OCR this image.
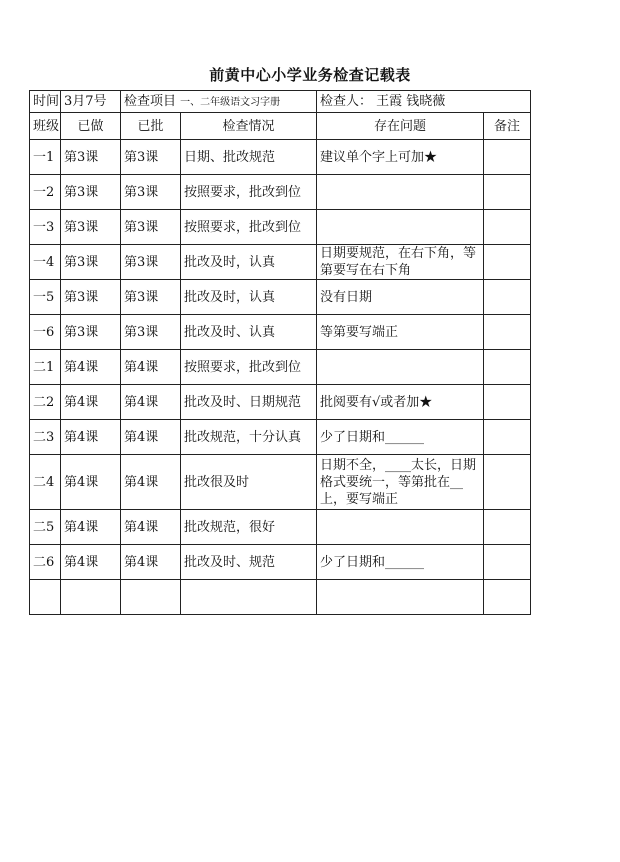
前黄中心小学业务检查记载表
时间	3月7号	检查项目 一、二年级语文习字册		检查人： 王霞 钱晓薇	
班级	已做	已批	检查情况	存在问题	备注
一1	第3课	第3课	日期、批改规范	建议单个字上可加★	
一2	第3课	第3课	按照要求，批改到位		
一3	第3课	第3课	按照要求，批改到位		
一4	第3课	第3课	批改及时，认真	日期要规范，在右下角，等第要写在右下角	
一5	第3课	第3课	批改及时，认真	没有日期	
一6	第3课	第3课	批改及时、认真	等第要写端正	
二1	第4课	第4课	按照要求，批改到位		
二2	第4课	第4课	批改及时、日期规范	批阅要有√或者加★	
二3	第4课	第4课	批改规范，十分认真	少了日期和______	
二4	第4课	第4课	批改很及时	日期不全，____太长，日期格式要统一，等第批在__上，要写端正	
二5	第4课	第4课	批改规范，很好		
二6	第4课	第4课	批改及时、规范	少了日期和______	
